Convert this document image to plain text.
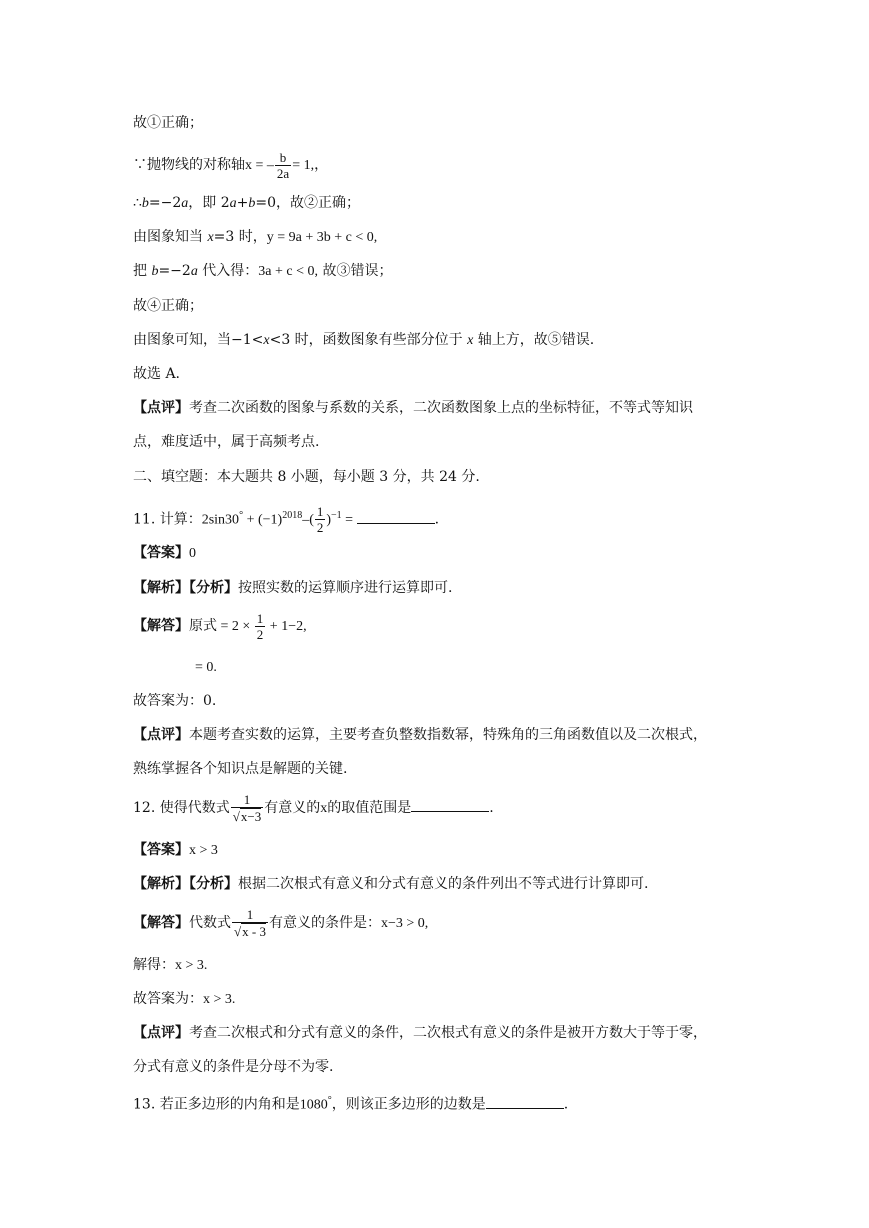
故①正确；
∵抛物线的对称轴x = – $\frac{b}{2a} = 1$,，
∴b=−2a，即 2a+b=0，故②正确；
由图象知当 x=3 时，y = 9a + 3b + c < 0,
把 b=−2a 代入得：3a + c < 0, 故③错误；
故④正确；
由图象可知，当−1<x<3 时，函数图象有些部分位于 x 轴上方，故⑤错误.
故选 A.
【点评】考查二次函数的图象与系数的关系，二次函数图象上点的坐标特征，不等式等知识
点，难度适中，属于高频考点.
二、填空题：本大题共 8 小题，每小题 3 分，共 24 分.
11. 计算：$2\sin 30^\circ + (-1)^{2018}-( \frac{1}{2} )^{-1}$ =	.
【答案】0
【解析】【分析】按照实数的运算顺序进行运算即可.
【解答】原式 = $2 \times \frac{1}{2} + 1-2$,
= 0.
故答案为：0.
【点评】本题考查实数的运算，主要考查负整数指数幂，特殊角的三角函数值以及二次根式，
熟练掌握各个知识点是解题的关键.
12. 使得代数式 $\frac{1}{√x-3}$ 有意义的x的取值范围是	.
【答案】x > 3
【解析】【分析】根据二次根式有意义和分式有意义的条件列出不等式进行计算即可.
【解答】代数式 $\frac{1}{√x - 3}$ 有意义的条件是：x−3 > 0,
解得：x > 3.
故答案为：x > 3.
【点评】考查二次根式和分式有意义的条件，二次根式有意义的条件是被开方数大于等于零，
分式有意义的条件是分母不为零.
13. 若正多边形的内角和是1080°，则该正多边形的边数是	.
